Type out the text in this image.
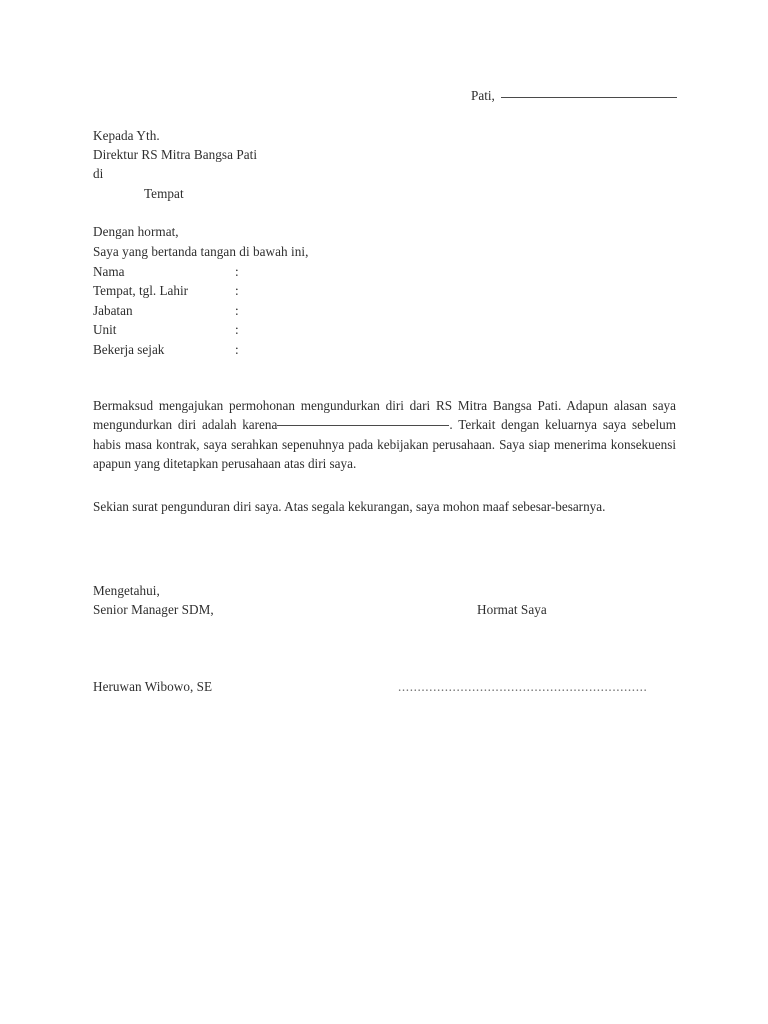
Pati,
Kepada Yth.
Direktur RS Mitra Bangsa Pati
di
Tempat
Dengan hormat,
Saya yang bertanda tangan di bawah ini,
Nama	:
Tempat, tgl. Lahir	:
Jabatan	:
Unit	:
Bekerja sejak	:
Bermaksud mengajukan permohonan mengundurkan diri dari RS Mitra Bangsa Pati. Adapun alasan saya mengundurkan diri adalah karena	. Terkait dengan keluarnya saya sebelum habis masa kontrak, saya serahkan sepenuhnya pada kebijakan perusahaan. Saya siap menerima konsekuensi apapun yang ditetapkan perusahaan atas diri saya.
Sekian surat pengunduran diri saya. Atas segala kekurangan, saya mohon maaf sebesar-besarnya.
Mengetahui,
Senior Manager SDM,	Hormat Saya
Heruwan Wibowo, SE	................................................................
